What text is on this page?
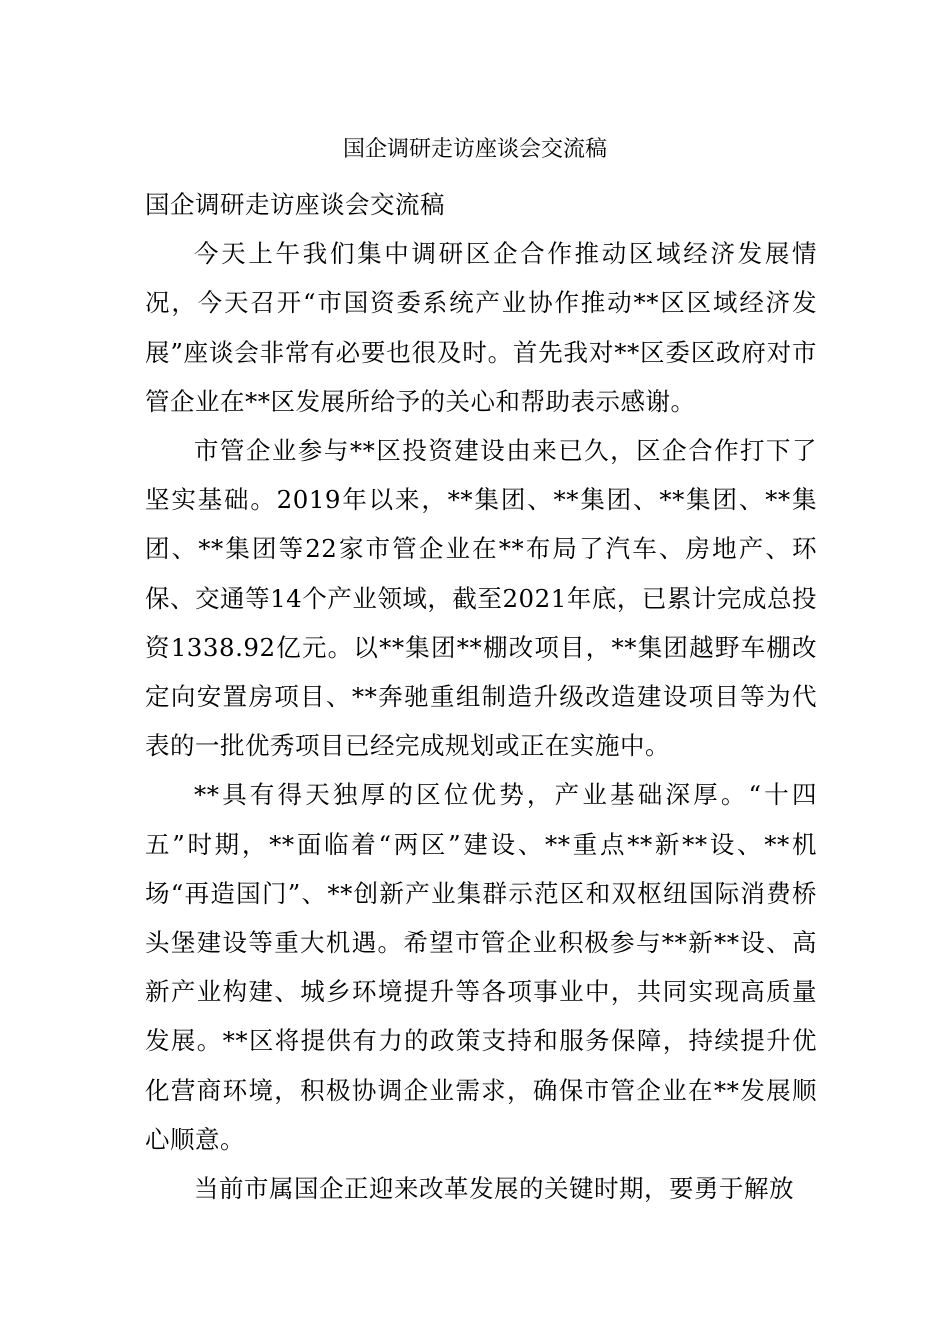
国企调研走访座谈会交流稿

国企调研走访座谈会交流稿

今天上午我们集中调研区企合作推动区域经济发展情况，今天召开“市国资委系统产业协作推动**区区域经济发展”座谈会非常有必要也很及时。首先我对**区委区政府对市管企业在**区发展所给予的关心和帮助表示感谢。

市管企业参与**区投资建设由来已久，区企合作打下了坚实基础。2019年以来，**集团、**集团、**集团、**集团、**集团等22家市管企业在**布局了汽车、房地产、环保、交通等14个产业领域，截至2021年底，已累计完成总投资1338.92亿元。以**集团**棚改项目，**集团越野车棚改定向安置房项目、**奔驰重组制造升级改造建设项目等为代表的一批优秀项目已经完成规划或正在实施中。

**具有得天独厚的区位优势，产业基础深厚。“十四五”时期，**面临着“两区”建设、**重点**新**设、**机场“再造国门”、**创新产业集群示范区和双枢纽国际消费桥头堡建设等重大机遇。希望市管企业积极参与**新**设、高新产业构建、城乡环境提升等各项事业中，共同实现高质量发展。**区将提供有力的政策支持和服务保障，持续提升优化营商环境，积极协调企业需求，确保市管企业在**发展顺心顺意。

当前市属国企正迎来改革发展的关键时期，要勇于解放
